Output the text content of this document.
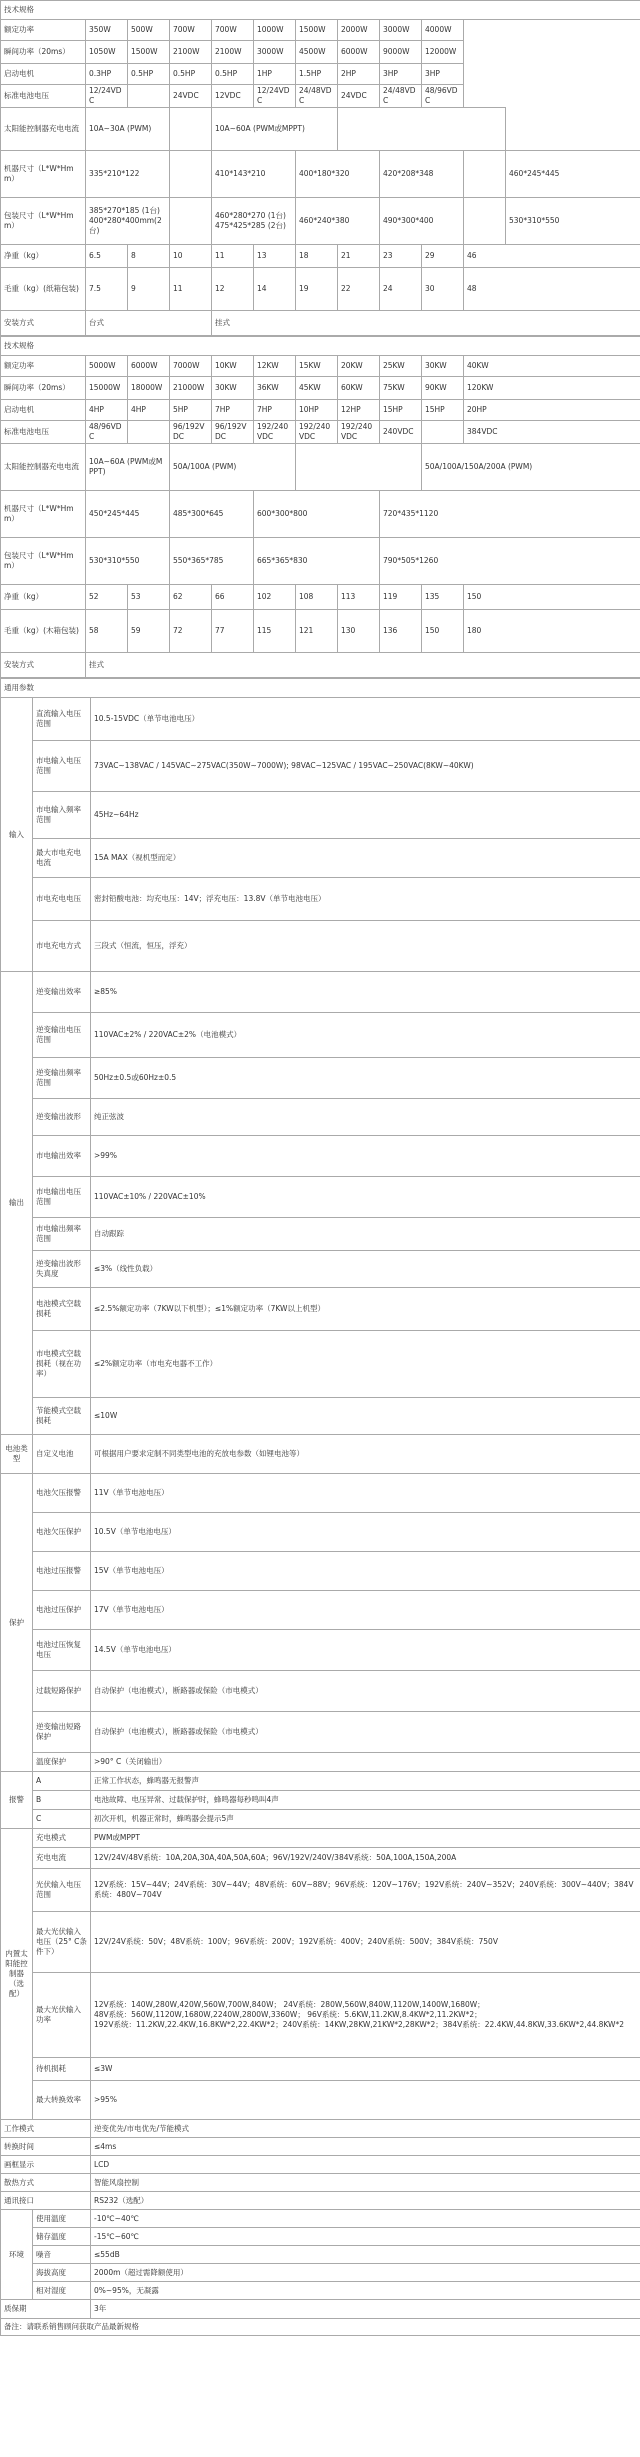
技术规格											
额定功率	350W	500W	700W	700W	1000W	1500W	2000W	3000W	4000W		
瞬间功率（20ms）	1050W	1500W	2100W	2100W	3000W	4500W	6000W	9000W	12000W		
启动电机	0.3HP	0.5HP	0.5HP	0.5HP	1HP	1.5HP	2HP	3HP	3HP		
标准电池电压	12/24VDC		24VDC	12VDC	12/24VDC	24/48VDC	24VDC	24/48VDC	48/96VDC		
太阳能控制器充电电流	10A~30A (PWM)			10A~60A (PWM或MPPT)							
机器尺寸（L*W*Hmm）	335*210*122			410*143*210		400*180*320		420*208*348			460*245*445
包装尺寸（L*W*Hmm）	385*270*185 (1台)
400*280*400mm(2台)			460*280*270 (1台)
475*425*285 (2台)		460*240*380		490*300*400			530*310*550
净重（kg）	6.5	8	10	11	13	18	21	23	29	46	
毛重（kg）(纸箱包装)	7.5	9	11	12	14	19	22	24	30	48	
安装方式	台式			挂式							
技术规格										
额定功率	5000W	6000W	7000W	10KW	12KW	15KW	20KW	25KW	30KW	40KW
瞬间功率（20ms）	15000W	18000W	21000W	30KW	36KW	45KW	60KW	75KW	90KW	120KW
启动电机	4HP	4HP	5HP	7HP	7HP	10HP	12HP	15HP	15HP	20HP
标准电池电压	48/96VDC		96/192VDC	96/192VDC	192/240VDC	192/240VDC	192/240VDC	240VDC		384VDC
太阳能控制器充电电流	10A~60A (PWM或MPPT)		50A/100A (PWM)						50A/100A/150A/200A (PWM)	
机器尺寸（L*W*Hmm）	450*245*445		485*300*645		600*300*800			720*435*1120		
包装尺寸（L*W*Hmm）	530*310*550		550*365*785		665*365*830			790*505*1260		
净重（kg）	52	53	62	66	102	108	113	119	135	150
毛重（kg）(木箱包装)	58	59	72	77	115	121	130	136	150	180
安装方式	挂式									
通用参数		
输入	直流输入电压范围	10.5-15VDC（单节电池电压）
	市电输入电压范围	73VAC~138VAC / 145VAC~275VAC(350W~7000W); 98VAC~125VAC / 195VAC~250VAC(8KW~40KW)
	市电输入频率范围	45Hz~64Hz
	最大市电充电电流	15A MAX（视机型而定）
	市电充电电压	密封铅酸电池：均充电压：14V；浮充电压：13.8V（单节电池电压）
	市电充电方式	三段式（恒流，恒压，浮充）
输出	逆变输出效率	≥85%
	逆变输出电压范围	110VAC±2% / 220VAC±2%（电池模式）
	逆变输出频率范围	50Hz±0.5或60Hz±0.5
	逆变输出波形	纯正弦波
	市电输出效率	>99%
	市电输出电压范围	110VAC±10% / 220VAC±10%
	市电输出频率范围	自动跟踪
	逆变输出波形失真度	≤3%（线性负载）
	电池模式空载损耗	≤2.5%额定功率（7KW以下机型）；≤1%额定功率（7KW以上机型）
	市电模式空载损耗（视在功率）	≤2%额定功率（市电充电器不工作）
	节能模式空载损耗	≤10W
电池类型	自定义电池	可根据用户要求定制不同类型电池的充放电参数（如锂电池等）
保护	电池欠压报警	11V（单节电池电压）
	电池欠压保护	10.5V（单节电池电压）
	电池过压报警	15V（单节电池电压）
	电池过压保护	17V（单节电池电压）
	电池过压恢复电压	14.5V（单节电池电压）
	过载短路保护	自动保护（电池模式），断路器或保险（市电模式）
	逆变输出短路保护	自动保护（电池模式），断路器或保险（市电模式）
	温度保护	>90° C（关闭输出）
报警	A	正常工作状态，蜂鸣器无报警声
	B	电池故障、电压异常、过载保护时，蜂鸣器每秒鸣叫4声
	C	初次开机，机器正常时，蜂鸣器会提示5声
内置太阳能控制器（选配）	充电模式	PWM或MPPT
	充电电流	12V/24V/48V系统：10A,20A,30A,40A,50A,60A；96V/192V/240V/384V系统：50A,100A,150A,200A
	光伏输入电压范围	12V系统：15V~44V；24V系统：30V~44V；48V系统：60V~88V；96V系统：120V~176V；192V系统：240V~352V；240V系统：300V~440V；384V系统：480V~704V
	最大光伏输入电压（25° C条件下）	12V/24V系统：50V；48V系统：100V；96V系统：200V；192V系统：400V；240V系统：500V；384V系统：750V
	最大光伏输入功率	12V系统：140W,280W,420W,560W,700W,840W； 24V系统：280W,560W,840W,1120W,1400W,1680W；
48V系统：560W,1120W,1680W,2240W,2800W,3360W； 96V系统：5.6KW,11.2KW,8.4KW*2,11.2KW*2；
192V系统：11.2KW,22.4KW,16.8KW*2,22.4KW*2；240V系统：14KW,28KW,21KW*2,28KW*2；384V系统：22.4KW,44.8KW,33.6KW*2,44.8KW*2
	待机损耗	≤3W
	最大转换效率	>95%
工作模式		逆变优先/市电优先/节能模式
转换时间		≤4ms
画框显示		LCD
散热方式		智能风扇控制
通讯接口		RS232（选配）
环境	使用温度	-10℃~40℃
	储存温度	-15℃~60℃
	噪音	≤55dB
	海拔高度	2000m（超过需降额使用）
	相对湿度	0%~95%，无凝露
质保期		3年
备注：请联系销售顾问获取产品最新规格		
